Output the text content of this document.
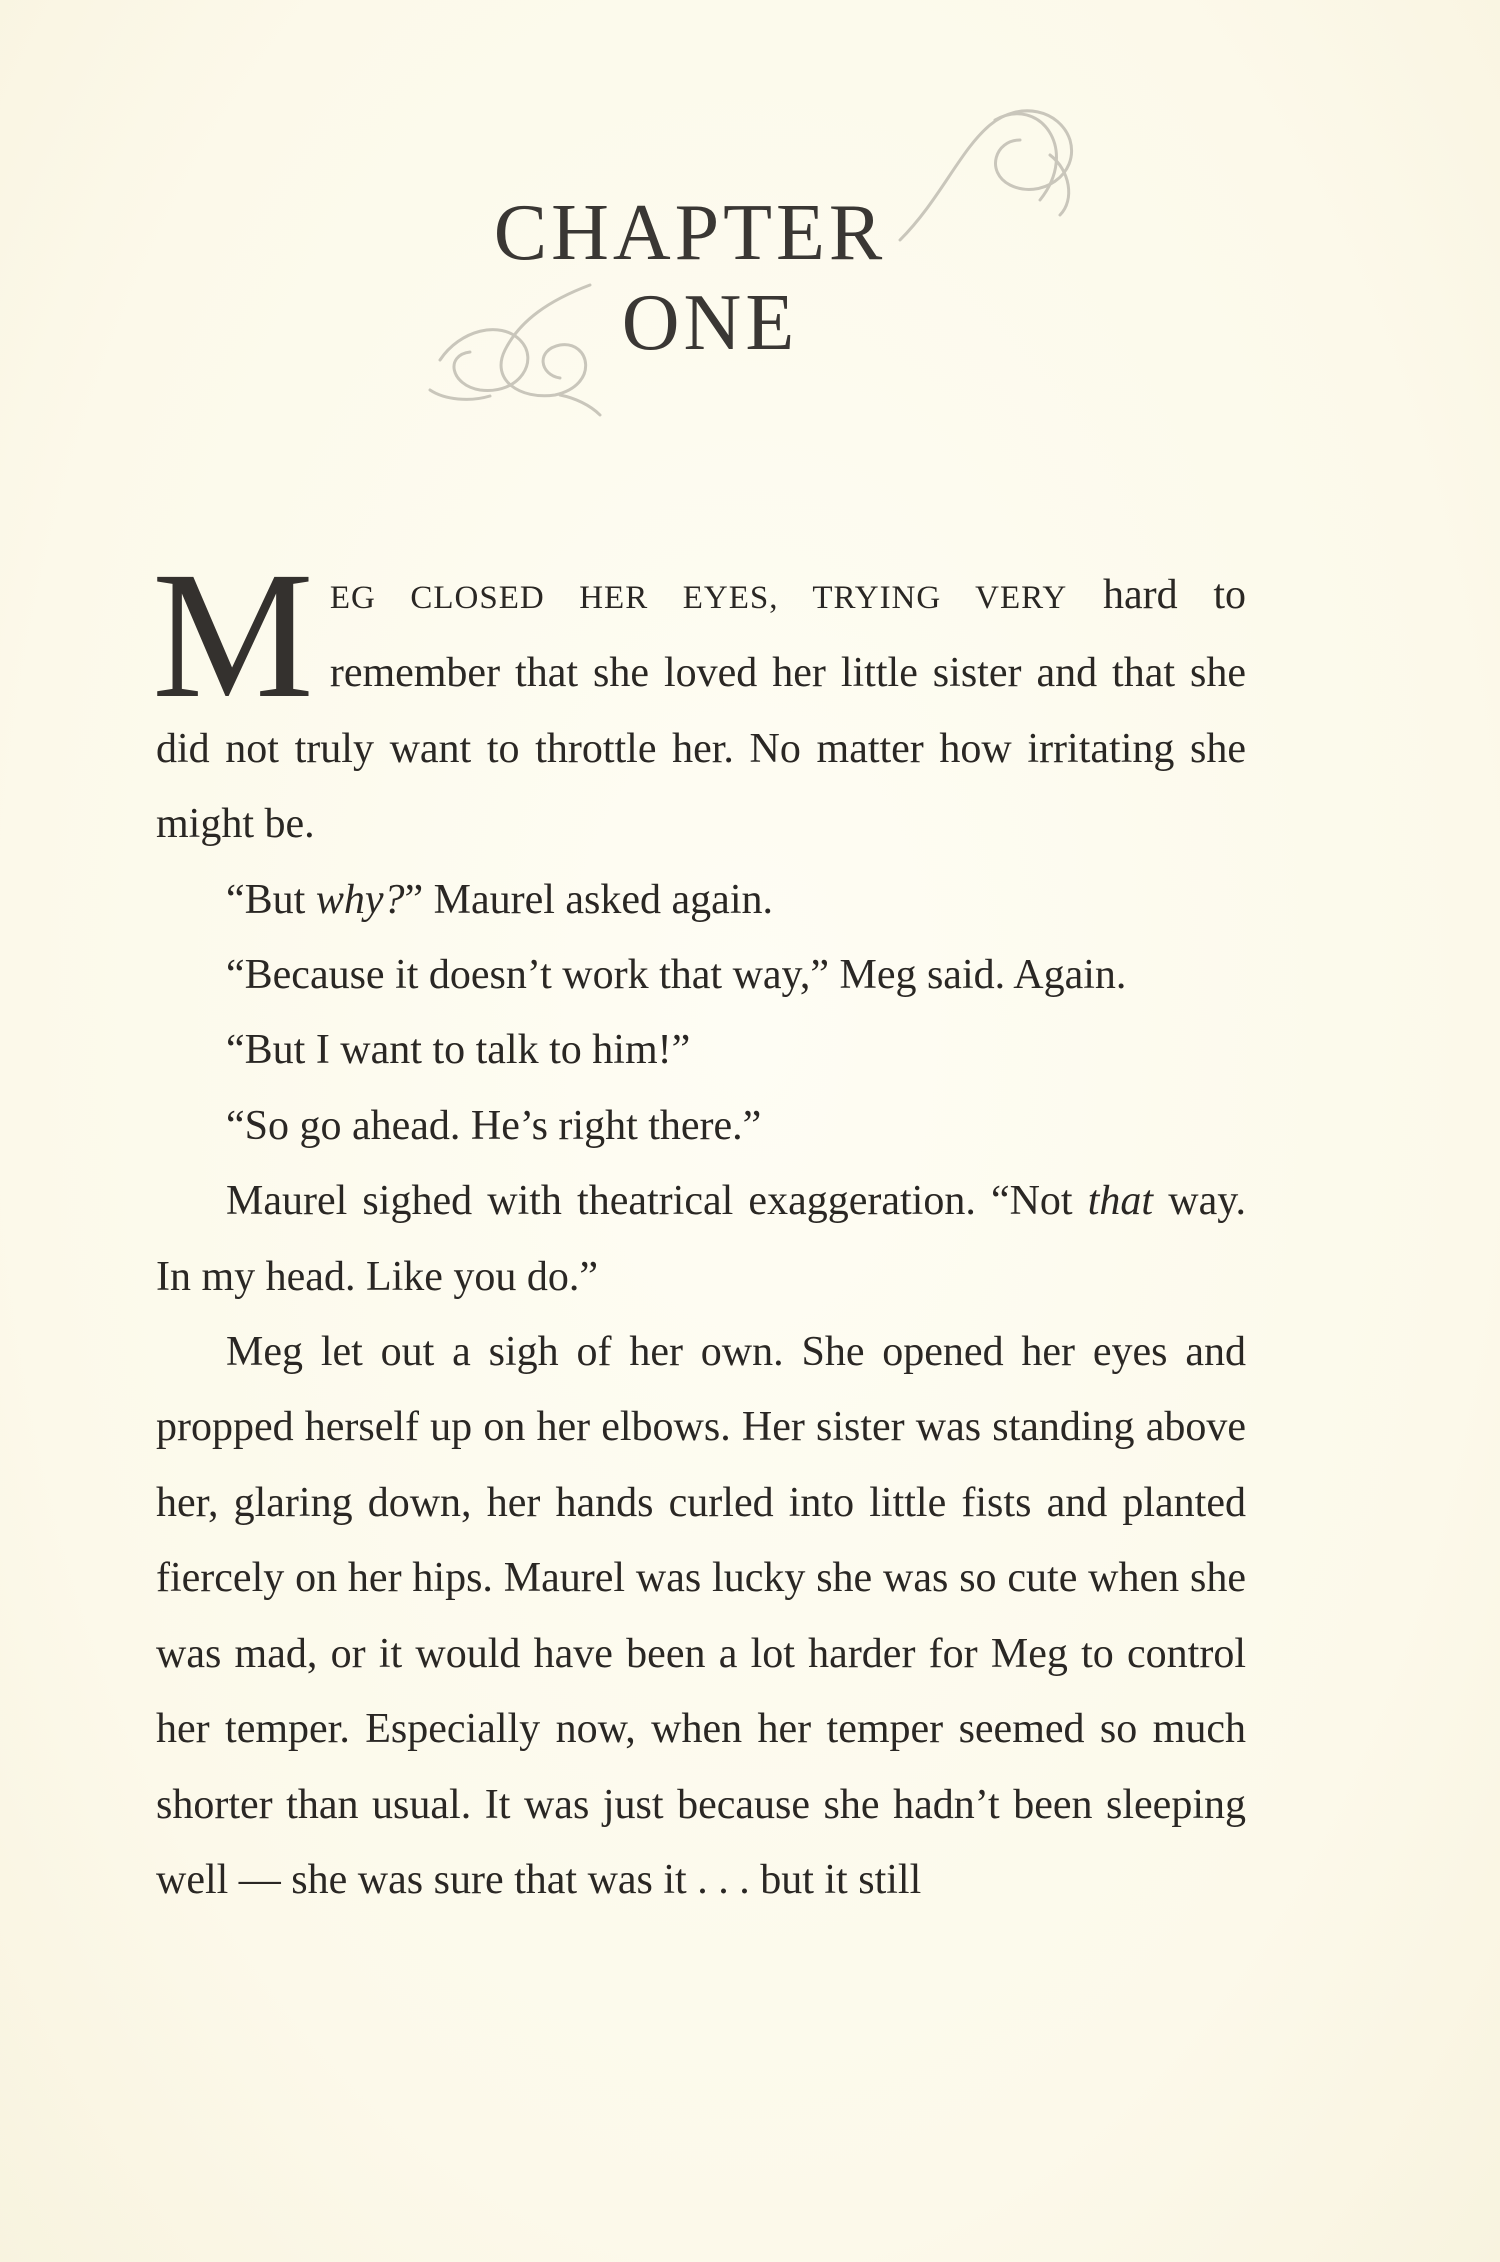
CHAPTER
ONE

MEG CLOSED HER EYES, TRYING VERY hard to remember that she loved her little sister and that she did not truly want to throttle her. No matter how irritating she might be.

“But why?” Maurel asked again.

“Because it doesn’t work that way,” Meg said. Again.

“But I want to talk to him!”

“So go ahead. He’s right there.”

Maurel sighed with theatrical exaggeration. “Not that way. In my head. Like you do.”

Meg let out a sigh of her own. She opened her eyes and propped herself up on her elbows. Her sister was standing above her, glaring down, her hands curled into little fists and planted fiercely on her hips. Maurel was lucky she was so cute when she was mad, or it would have been a lot harder for Meg to control her temper. Especially now, when her temper seemed so much shorter than usual. It was just because she hadn’t been sleeping well — she was sure that was it . . . but it still
